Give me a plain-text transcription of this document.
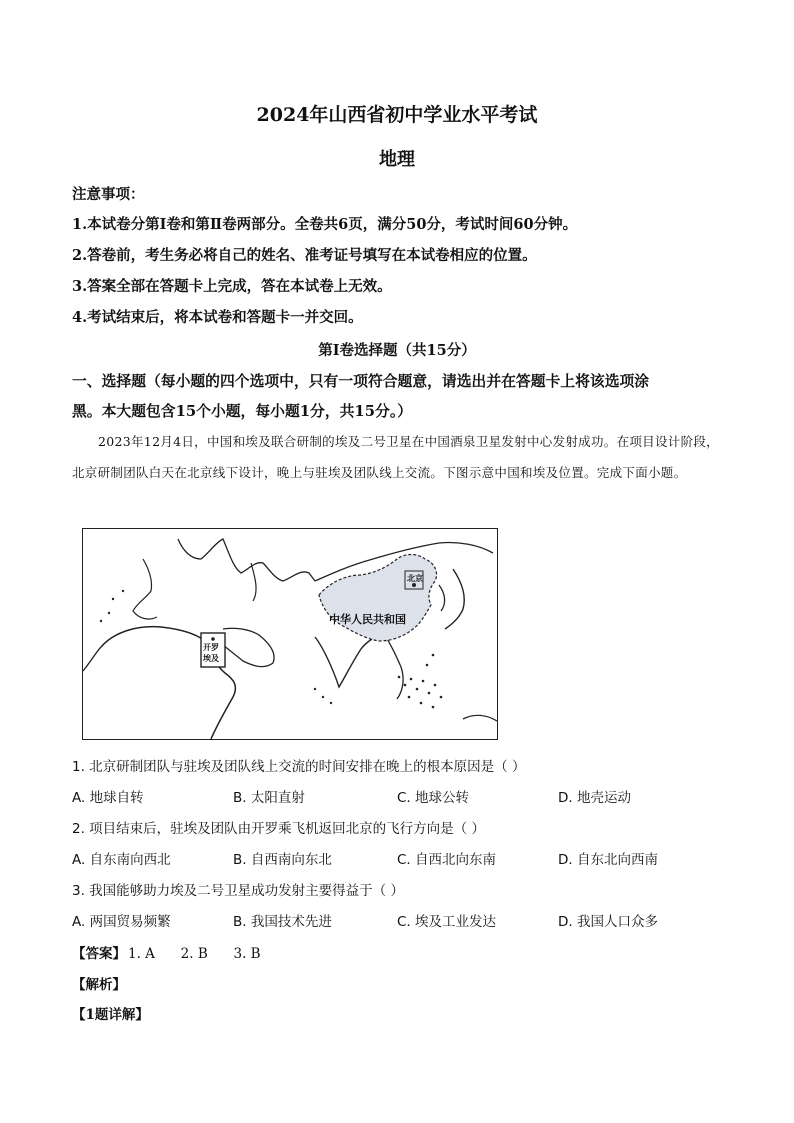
2024年山西省初中学业水平考试
地理
注意事项：
1.本试卷分第Ⅰ卷和第Ⅱ卷两部分。全卷共6页，满分50分，考试时间60分钟。
2.答卷前，考生务必将自己的姓名、准考证号填写在本试卷相应的位置。
3.答案全部在答题卡上完成，答在本试卷上无效。
4.考试结束后，将本试卷和答题卡一并交回。
第Ⅰ卷选择题（共15分）
一、选择题（每小题的四个选项中，只有一项符合题意，请选出并在答题卡上将该选项涂
黑。本大题包含15个小题，每小题1分，共15分。）
2023年12月4日，中国和埃及联合研制的埃及二号卫星在中国酒泉卫星发射中心发射成功。在项目设计阶段，北京研制团队白天在北京线下设计，晚上与驻埃及团队线上交流。下图示意中国和埃及位置。完成下面小题。
中华人民共和国
北京
开罗
埃及
1. 北京研制团队与驻埃及团队线上交流的时间安排在晚上的根本原因是（ ）
A. 地球自转	B. 太阳直射	C. 地球公转	D. 地壳运动
2. 项目结束后，驻埃及团队由开罗乘飞机返回北京的飞行方向是（ ）
A. 自东南向西北	B. 自西南向东北	C. 自西北向东南	D. 自东北向西南
3. 我国能够助力埃及二号卫星成功发射主要得益于（ ）
A. 两国贸易频繁	B. 我国技术先进	C. 埃及工业发达	D. 我国人口众多
【答案】 1. A      2. B      3. B
【解析】
【1题详解】
